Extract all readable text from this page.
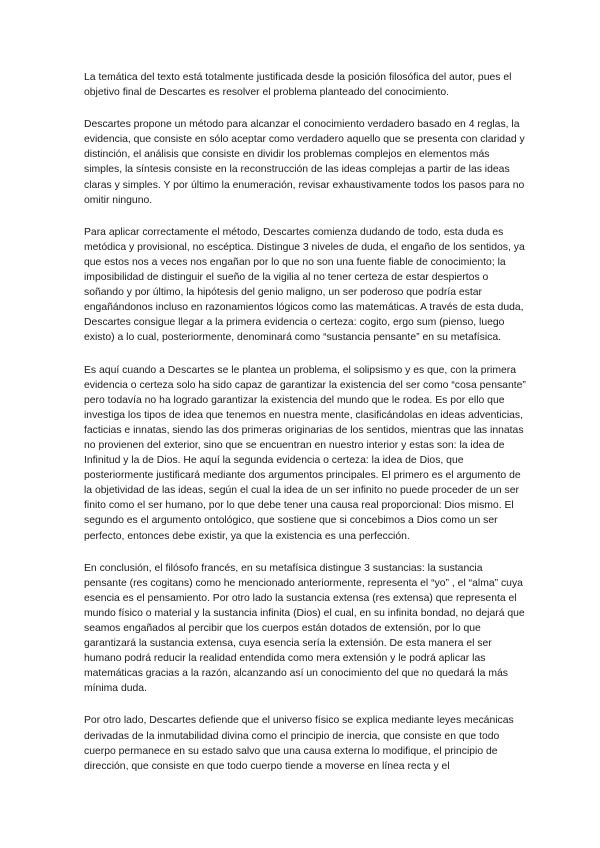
La temática del texto está totalmente justificada desde la posición filosófica del autor, pues el objetivo final de Descartes es resolver el problema planteado del conocimiento.

Descartes propone un método para alcanzar el conocimiento verdadero basado en 4 reglas, la evidencia, que consiste en sólo aceptar como verdadero aquello que se presenta con claridad y distinción, el análisis que consiste en dividir los problemas complejos en elementos más simples, la síntesis consiste en la reconstrucción de las ideas complejas a partir de las ideas claras y simples. Y por último la enumeración, revisar exhaustivamente todos los pasos para no omitir ninguno.

Para aplicar correctamente el método, Descartes comienza dudando de todo, esta duda es metódica y provisional, no escéptica. Distingue 3 niveles de duda, el engaño de los sentidos, ya que estos nos a veces nos engañan por lo que no son una fuente fiable de conocimiento; la imposibilidad de distinguir el sueño de la vigilia al no tener certeza de estar despiertos o soñando y por último, la hipótesis del genio maligno, un ser poderoso que podría estar engañándonos incluso en razonamientos lógicos como las matemáticas. A través de esta duda, Descartes consigue llegar a la primera evidencia o certeza: cogito, ergo sum (pienso, luego existo) a lo cual, posteriormente, denominará como “sustancia pensante” en su metafísica.

Es aquí cuando a Descartes se le plantea un problema, el solipsismo y es que, con la primera evidencia o certeza solo ha sido capaz de garantizar la existencia del ser como “cosa pensante” pero todavía no ha logrado garantizar la existencia del mundo que le rodea. Es por ello que investiga los tipos de idea que tenemos en nuestra mente, clasificándolas en ideas adventicias, facticias e innatas, siendo las dos primeras originarias de los sentidos, mientras que las innatas no provienen del exterior, sino que se encuentran en nuestro interior y estas son: la idea de Infinitud y la de Dios. He aquí la segunda evidencia o certeza: la idea de Dios, que posteriormente justificará mediante dos argumentos principales. El primero es el argumento de la objetividad de las ideas, según el cual la idea de un ser infinito no puede proceder de un ser finito como el ser humano, por lo que debe tener una causa real proporcional: Dios mismo. El segundo es el argumento ontológico, que sostiene que si concebimos a Dios como un ser perfecto, entonces debe existir, ya que la existencia es una perfección.

En conclusión, el filósofo francés, en su metafísica distingue 3 sustancias: la sustancia pensante (res cogitans) como he mencionado anteriormente, representa el “yo” , el “alma” cuya esencia es el pensamiento. Por otro lado la sustancia extensa (res extensa) que representa el mundo físico o material y la sustancia infinita (Dios) el cual, en su infinita bondad, no dejará que seamos engañados al percibir que los cuerpos están dotados de extensión, por lo que garantizará la sustancia extensa, cuya esencia sería la extensión. De esta manera el ser humano podrá reducir la realidad entendida como mera extensión y le podrá aplicar las matemáticas gracias a la razón, alcanzando así un conocimiento del que no quedará la más mínima duda.

Por otro lado, Descartes defiende que el universo físico se explica mediante leyes mecánicas derivadas de la inmutabilidad divina como el principio de inercia, que consiste en que todo cuerpo permanece en su estado salvo que una causa externa lo modifique, el principio de dirección, que consiste en que todo cuerpo tiende a moverse en línea recta y el
